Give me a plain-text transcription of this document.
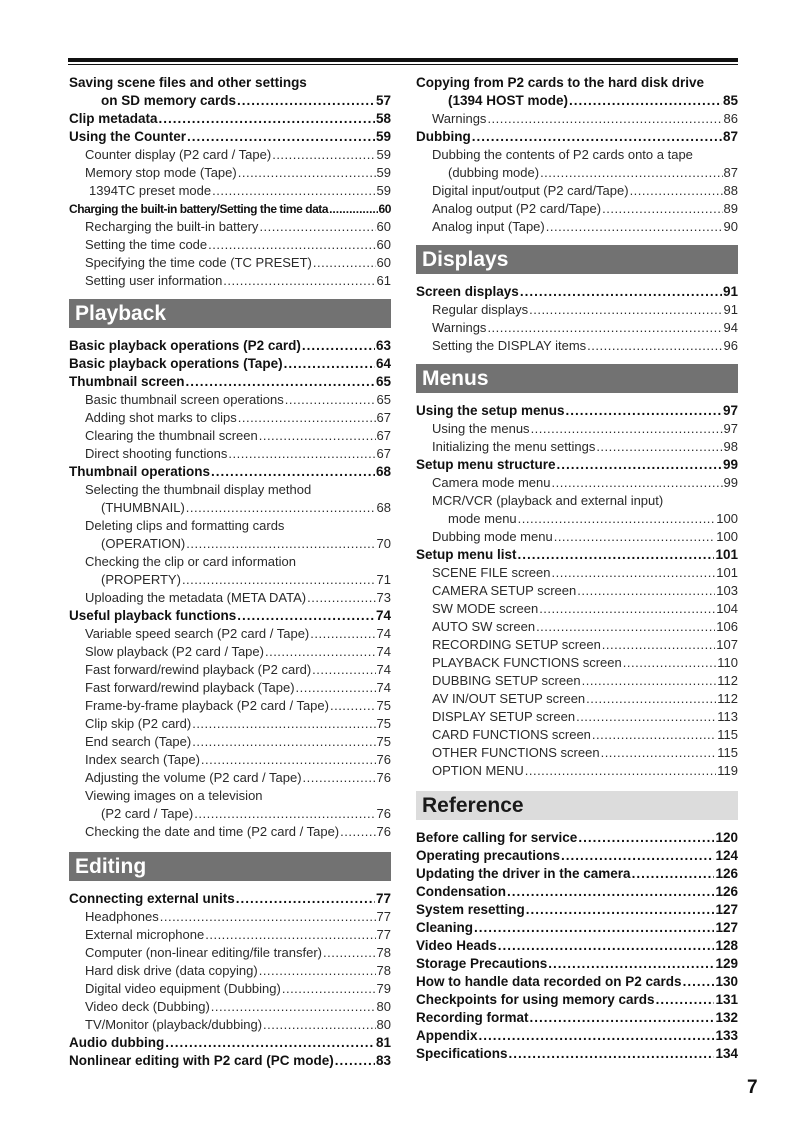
Saving scene files and other settings
on SD memory cards .....	57
Clip metadata .....	58
Using the Counter .....	59
Counter display (P2 card / Tape) .....	59
Memory stop mode (Tape) .....	59
1394TC preset mode .....	59
Charging the built-in battery/Setting the time data .....	60
Recharging the built-in battery .....	60
Setting the time code .....	60
Specifying the time code (TC PRESET) .....	60
Setting user information .....	61
Playback
Basic playback operations (P2 card) .....	63
Basic playback operations (Tape) .....	64
Thumbnail screen .....	65
Basic thumbnail screen operations .....	65
Adding shot marks to clips .....	67
Clearing the thumbnail screen .....	67
Direct shooting functions .....	67
Thumbnail operations .....	68
Selecting the thumbnail display method
(THUMBNAIL) .....	68
Deleting clips and formatting cards
(OPERATION) .....	70
Checking the clip or card information
(PROPERTY) .....	71
Uploading the metadata (META DATA) .....	73
Useful playback functions .....	74
Variable speed search (P2 card / Tape) .....	74
Slow playback (P2 card / Tape) .....	74
Fast forward/rewind playback (P2 card) .....	74
Fast forward/rewind playback (Tape) .....	74
Frame-by-frame playback (P2 card / Tape) .....	75
Clip skip (P2 card) .....	75
End search (Tape) .....	75
Index search (Tape) .....	76
Adjusting the volume (P2 card / Tape) .....	76
Viewing images on a television
(P2 card / Tape) .....	76
Checking the date and time (P2 card / Tape) .....	76
Editing
Connecting external units .....	77
Headphones .....	77
External microphone .....	77
Computer (non-linear editing/file transfer) .....	78
Hard disk drive (data copying) .....	78
Digital video equipment (Dubbing) .....	79
Video deck (Dubbing) .....	80
TV/Monitor (playback/dubbing) .....	80
Audio dubbing .....	81
Nonlinear editing with P2 card (PC mode) .....	83
Copying from P2 cards to the hard disk drive
(1394 HOST mode) .....	85
Warnings .....	86
Dubbing .....	87
Dubbing the contents of P2 cards onto a tape
(dubbing mode) .....	87
Digital input/output (P2 card/Tape) .....	88
Analog output (P2 card/Tape) .....	89
Analog input (Tape) .....	90
Displays
Screen displays .....	91
Regular displays .....	91
Warnings .....	94
Setting the DISPLAY items .....	96
Menus
Using the setup menus .....	97
Using the menus .....	97
Initializing the menu settings .....	98
Setup menu structure .....	99
Camera mode menu .....	99
MCR/VCR (playback and external input)
mode menu .....	100
Dubbing mode menu .....	100
Setup menu list .....	101
SCENE FILE screen .....	101
CAMERA SETUP screen .....	103
SW MODE screen .....	104
AUTO SW screen .....	106
RECORDING SETUP screen .....	107
PLAYBACK FUNCTIONS screen .....	110
DUBBING SETUP screen .....	112
AV IN/OUT SETUP screen .....	112
DISPLAY SETUP screen .....	113
CARD FUNCTIONS screen .....	115
OTHER FUNCTIONS screen .....	115
OPTION MENU .....	119
Reference
Before calling for service .....	120
Operating precautions .....	124
Updating the driver in the camera .....	126
Condensation .....	126
System resetting .....	127
Cleaning .....	127
Video Heads .....	128
Storage Precautions .....	129
How to handle data recorded on P2 cards .....	130
Checkpoints for using memory cards .....	131
Recording format .....	132
Appendix .....	133
Specifications .....	134
7
